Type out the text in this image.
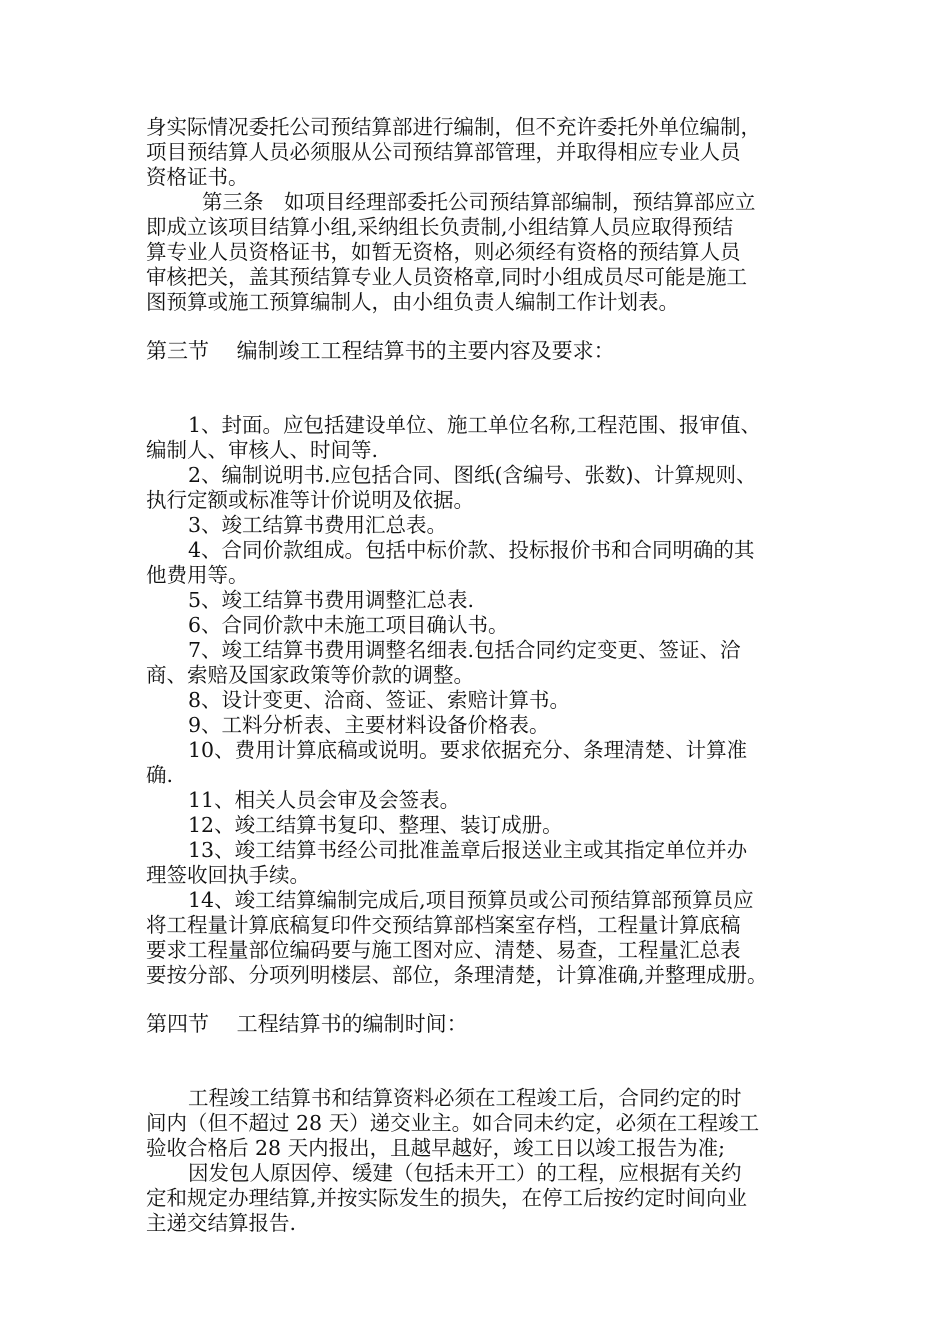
身实际情况委托公司预结算部进行编制，但不充许委托外单位编制，
项目预结算人员必须服从公司预结算部管理，并取得相应专业人员
资格证书。
第三条　如项目经理部委托公司预结算部编制，预结算部应立
即成立该项目结算小组,采纳组长负责制,小组结算人员应取得预结
算专业人员资格证书，如暂无资格，则必须经有资格的预结算人员
审核把关，盖其预结算专业人员资格章,同时小组成员尽可能是施工
图预算或施工预算编制人，由小组负责人编制工作计划表。
第三节　 编制竣工工程结算书的主要内容及要求：
1、封面。应包括建设单位、施工单位名称,工程范围、报审值、
编制人、审核人、时间等.
2、编制说明书.应包括合同、图纸(含编号、张数)、计算规则、
执行定额或标准等计价说明及依据。
3、竣工结算书费用汇总表。
4、合同价款组成。包括中标价款、投标报价书和合同明确的其
他费用等。
5、竣工结算书费用调整汇总表.
6、合同价款中未施工项目确认书。
7、竣工结算书费用调整名细表.包括合同约定变更、签证、洽
商、索赔及国家政策等价款的调整。
8、设计变更、洽商、签证、索赔计算书。
9、工料分析表、主要材料设备价格表。
10、费用计算底稿或说明。要求依据充分、条理清楚、计算准
确.
11、相关人员会审及会签表。
12、竣工结算书复印、整理、装订成册。
13、竣工结算书经公司批准盖章后报送业主或其指定单位并办
理签收回执手续。
14、竣工结算编制完成后,项目预算员或公司预结算部预算员应
将工程量计算底稿复印件交预结算部档案室存档，工程量计算底稿
要求工程量部位编码要与施工图对应、清楚、易查，工程量汇总表
要按分部、分项列明楼层、部位，条理清楚，计算准确,并整理成册。
第四节　 工程结算书的编制时间：
工程竣工结算书和结算资料必须在工程竣工后，合同约定的时
间内（但不超过 28 天）递交业主。如合同未约定，必须在工程竣工
验收合格后 28 天内报出，且越早越好，竣工日以竣工报告为准;
因发包人原因停、缓建（包括未开工）的工程，应根据有关约
定和规定办理结算,并按实际发生的损失，在停工后按约定时间向业
主递交结算报告.
